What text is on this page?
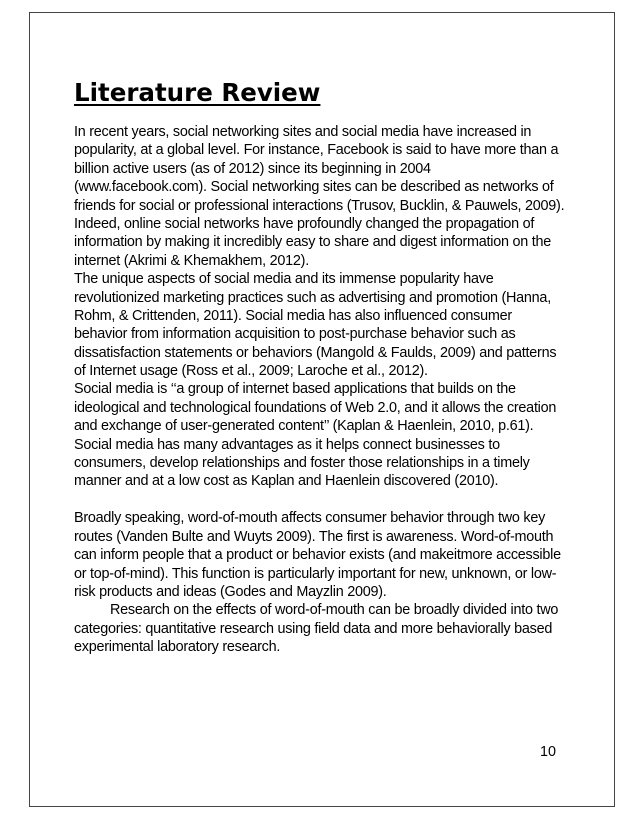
Literature Review
In recent years, social networking sites and social media have increased in
popularity, at a global level. For instance, Facebook is said to have more than a
billion active users (as of 2012) since its beginning in 2004
(www.facebook.com). Social networking sites can be described as networks of
friends for social or professional interactions (Trusov, Bucklin, & Pauwels, 2009).
Indeed, online social networks have profoundly changed the propagation of
information by making it incredibly easy to share and digest information on the
internet (Akrimi & Khemakhem, 2012).
The unique aspects of social media and its immense popularity have
revolutionized marketing practices such as advertising and promotion (Hanna,
Rohm, & Crittenden, 2011). Social media has also influenced consumer
behavior from information acquisition to post-purchase behavior such as
dissatisfaction statements or behaviors (Mangold & Faulds, 2009) and patterns
of Internet usage (Ross et al., 2009; Laroche et al., 2012).
Social media is ‘‘a group of internet based applications that builds on the
ideological and technological foundations of Web 2.0, and it allows the creation
and exchange of user-generated content’’ (Kaplan & Haenlein, 2010, p.61).
Social media has many advantages as it helps connect businesses to
consumers, develop relationships and foster those relationships in a timely
manner and at a low cost as Kaplan and Haenlein discovered (2010).
Broadly speaking, word-of-mouth affects consumer behavior through two key
routes (Vanden Bulte and Wuyts 2009). The first is awareness. Word-of-mouth
can inform people that a product or behavior exists (and makeitmore accessible
or top-of-mind). This function is particularly important for new, unknown, or low-
risk products and ideas (Godes and Mayzlin 2009).
Research on the effects of word-of-mouth can be broadly divided into two
categories: quantitative research using field data and more behaviorally based
experimental laboratory research.
10
